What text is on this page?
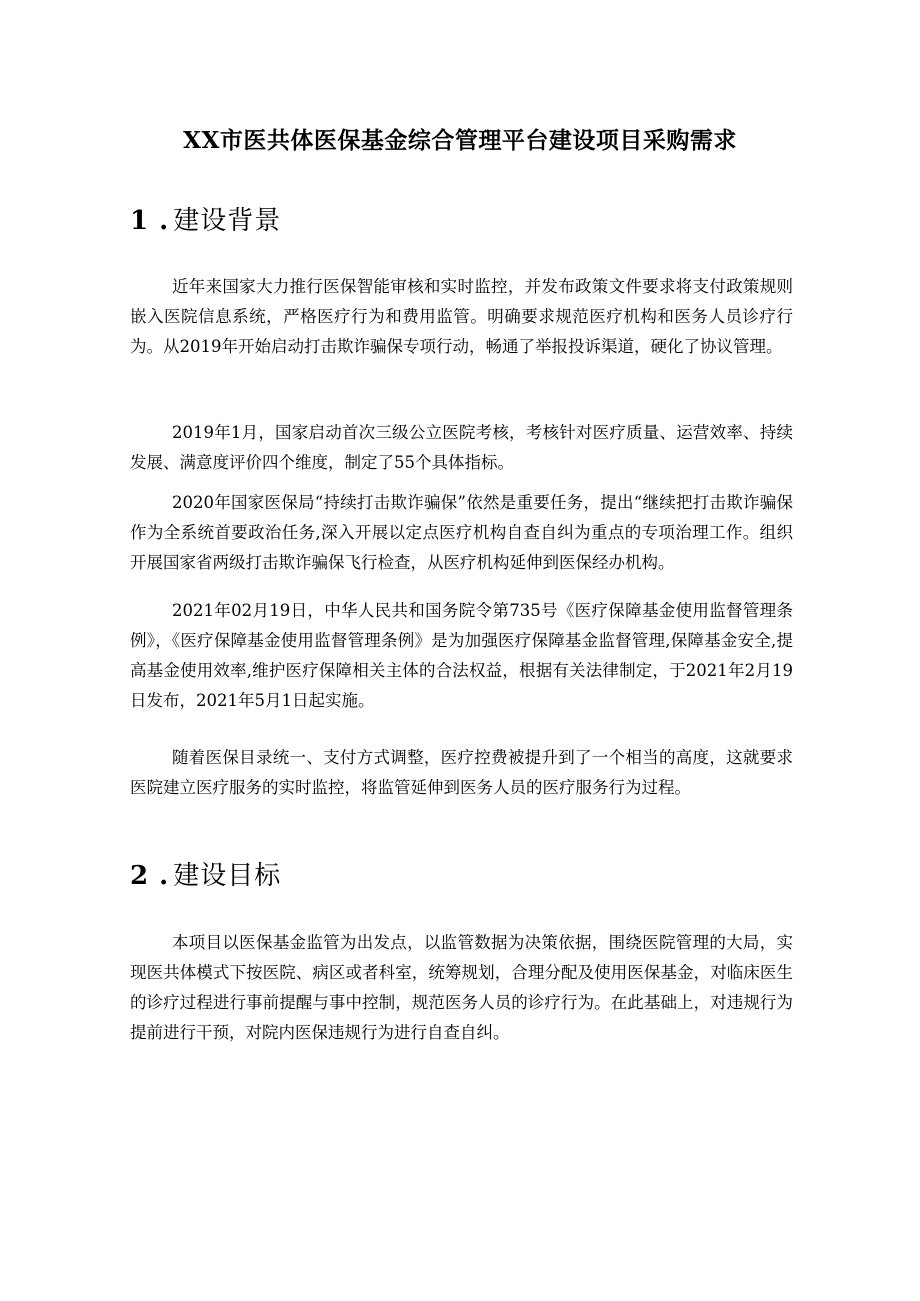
XX市医共体医保基金综合管理平台建设项目采购需求
1 . 建设背景

近年来国家大力推行医保智能审核和实时监控，并发布政策文件要求将支付政策规则嵌入医院信息系统，严格医疗行为和费用监管。明确要求规范医疗机构和医务人员诊疗行为。从2019年开始启动打击欺诈骗保专项行动，畅通了举报投诉渠道，硬化了协议管理。

2019年1月，国家启动首次三级公立医院考核，考核针对医疗质量、运营效率、持续发展、满意度评价四个维度，制定了55个具体指标。

2020年国家医保局“持续打击欺诈骗保”依然是重要任务，提出“继续把打击欺诈骗保作为全系统首要政治任务,深入开展以定点医疗机构自查自纠为重点的专项治理工作。组织开展国家省两级打击欺诈骗保飞行检查，从医疗机构延伸到医保经办机构。

2021年02月19日，中华人民共和国务院令第735号《医疗保障基金使用监督管理条例》，《医疗保障基金使用监督管理条例》是为加强医疗保障基金监督管理,保障基金安全,提高基金使用效率,维护医疗保障相关主体的合法权益，根据有关法律制定，于2021年2月19日发布，2021年5月1日起实施。

随着医保目录统一、支付方式调整，医疗控费被提升到了一个相当的高度，这就要求医院建立医疗服务的实时监控，将监管延伸到医务人员的医疗服务行为过程。

2 . 建设目标

本项目以医保基金监管为出发点，以监管数据为决策依据，围绕医院管理的大局，实现医共体模式下按医院、病区或者科室，统筹规划，合理分配及使用医保基金，对临床医生的诊疗过程进行事前提醒与事中控制，规范医务人员的诊疗行为。在此基础上，对违规行为提前进行干预，对院内医保违规行为进行自查自纠。
